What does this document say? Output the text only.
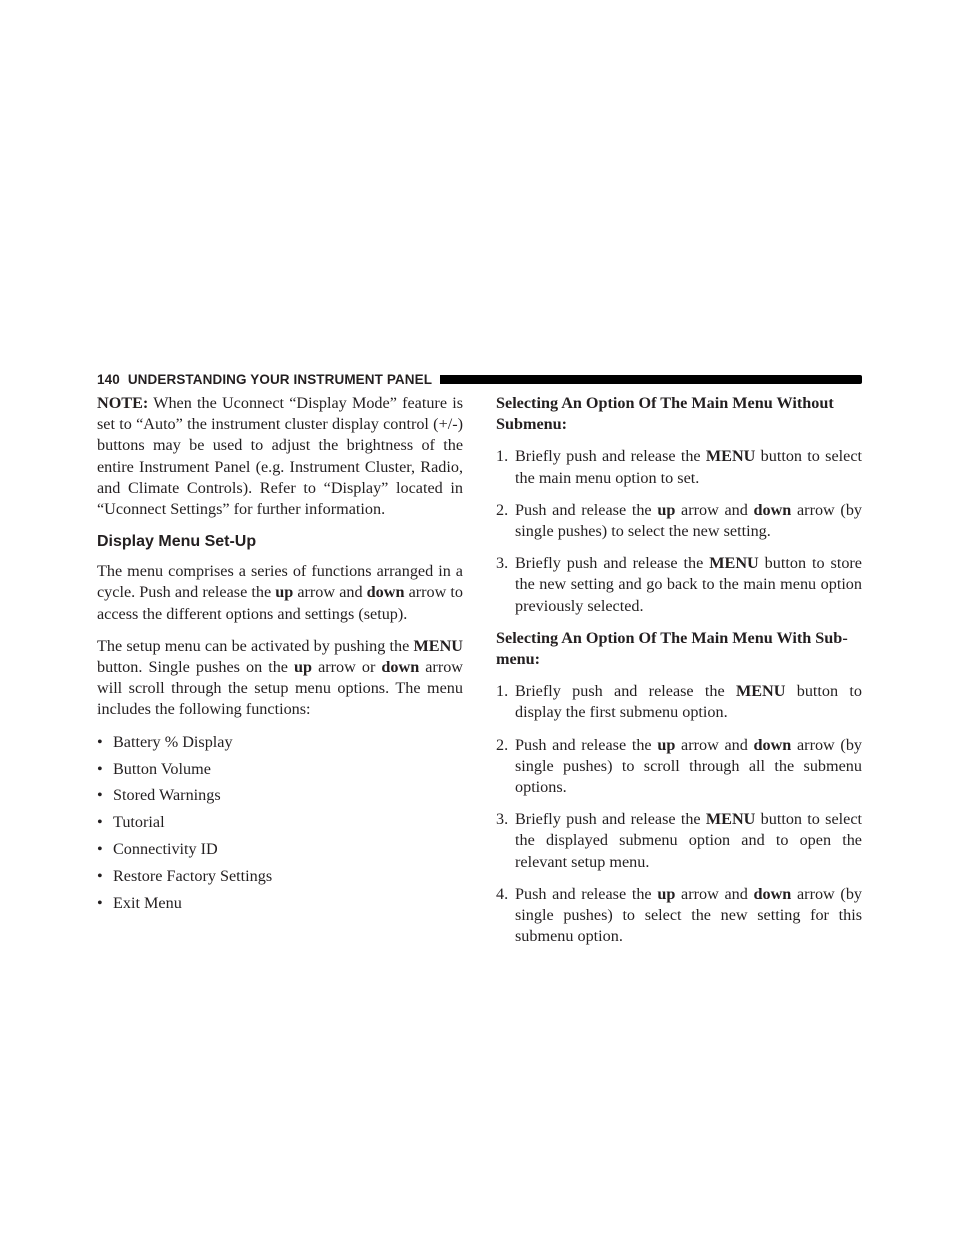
140 UNDERSTANDING YOUR INSTRUMENT PANEL

NOTE: When the Uconnect “Display Mode” feature is set to “Auto” the instrument cluster display control (+/-) buttons may be used to adjust the brightness of the entire Instrument Panel (e.g. Instrument Cluster, Radio, and Climate Controls). Refer to “Display” located in “Uconnect Settings” for further information.

Display Menu Set-Up

The menu comprises a series of functions arranged in a cycle. Push and release the up arrow and down arrow to access the different options and settings (setup).

The setup menu can be activated by pushing the MENU button. Single pushes on the up arrow or down arrow will scroll through the setup menu options. The menu includes the following functions:

•
Battery % Display
•
Button Volume
•
Stored Warnings
•
Tutorial
•
Connectivity ID
•
Restore Factory Settings
•
Exit Menu

Selecting An Option Of The Main Menu Without Submenu:

1. Briefly push and release the MENU button to select the main menu option to set.
2. Push and release the up arrow and down arrow (by single pushes) to select the new setting.
3. Briefly push and release the MENU button to store the new setting and go back to the main menu option previously selected.

Selecting An Option Of The Main Menu With Submenu:

1. Briefly push and release the MENU button to display the first submenu option.
2. Push and release the up arrow and down arrow (by single pushes) to scroll through all the submenu options.
3. Briefly push and release the MENU button to select the displayed submenu option and to open the relevant setup menu.
4. Push and release the up arrow and down arrow (by single pushes) to select the new setting for this submenu option.
